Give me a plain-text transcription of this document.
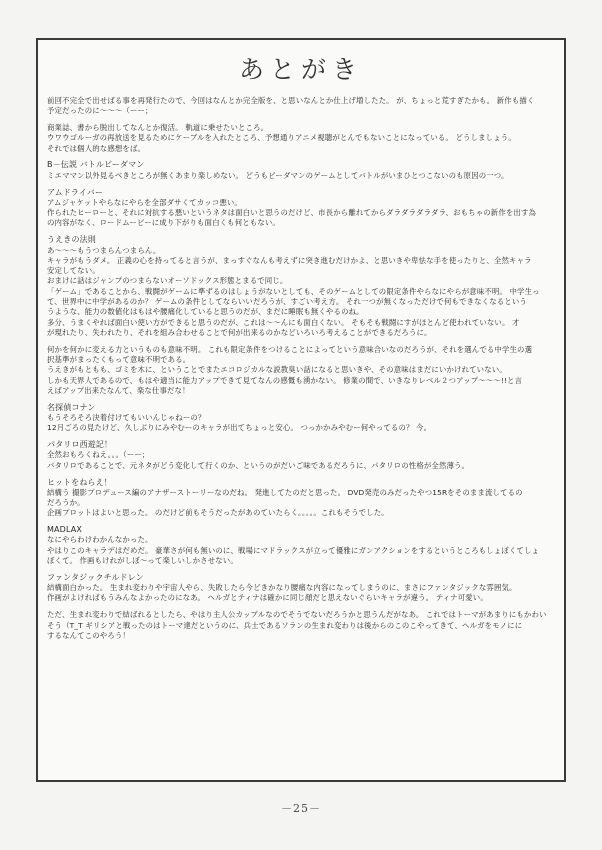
あとがき

前回不完全で出せばる事を再発行たので、今回はなんとか完全版を、と思いなんとか仕上げ増したた。 が、ちょっと荒すぎたかも。 新作も描く

予定だったのに〜〜〜（ーー；

商業誌、書から脱出してなんとか復活。 軌道に乗せたいところ。

ウワウゴルーガの再放送を見るためにケーブルを入れたところ、予想通りアニメ視聴がとんでもないことになっている。 どうしましょう。

それでは個人的な感想をば。

B－伝説 バトルビーダマン

ミエママン以外見るべきところが無くあまり楽しめない。 どうもビーダマンのゲームとしてバトルがいまひとつこないのも原因の一つ。

アムドライバー

アムジャケットやらなにやらを全部ダサくてカッコ悪い。

作られたヒーローと、それに対抗する悪いというネタは面白いと思うのだけど、市長から離れてからダラダラダラダラ、おもちゃの新作を出す為

の内容がなく、ロードムービーに成り下がりも面白くも何ともない。

うえきの法則

あ〜〜〜もうつまらんつまらん。

キャラがもうダメ。 正義の心を持ってると言うが、まっすぐなんも考えずに突き進むだけかよ、と思いきや卑怯な手を使ったりと、全然キャラ

安定してない。

おまけに話はジャンプのつまらないオーソドックス形態とまるで同じ。

「ゲーム」であることから、戦闘がゲームに準ずるのはしょうがないとしても、そのゲームとしての限定条件やらなにやらが意味不明。 中学生っ

て、世界中に中学があるのか？ ゲームの条件としてならいいだろうが、すごい考え方。 それ一つが無くなっただけで何もできなくなるという

うような、能力の数値化はもはや腰痛化していると思うのだが、まだに睡眠も無くやるのね。

多分、うまくやれば面白い使い方ができると思うのだが、これは〜〜んにも面白くない。 そもそも戦闘にすがほとんど使われていない。 才

が現れたり、失われたり、それを組み合わせることで何が出来るのかなどいろいろ考えることができるだろうに。

何かを何かに変える力というものも意味不明。 これも限定条件をつけることによってという意味合いなのだろうが、それを選んでる中学生の選

択基準がまったくもって意味不明である。

うえきがもともも、ゴミを木に、ということでまたエコロジカルな説教臭い話になると思いきや、その意味はまだにいかけれていない。

しかも天界人であるので、もはや適当に能力アップできて見てなんの感慨も湧かない。 修業の間で、いきなりレベル２つアップ〜〜〜!!と言

えばアップ出来たなんて、楽な仕事だな！

名探偵コナン

もうそろそろ決着付けてもいいんじゃねーの？

12月ごろの見たけど、久しぶりにみやむーのキャラが出てちょっと安心。 つっかかみやむー何やってるの？ 今。

パタリロ西遊記！

全然おもろくねえ。。。（ーー；

パタリロであることで、元ネタがどう変化して行くのか、というのがだいご味であるだろうに、パタリロの性格が全然薄う。

ヒットをねらえ！

結構う 撮影プロデュース編のアナザーストーリーなのだね。 発進してたのだと思った。 DVD発売のみだったやつ15Rをそのまま流してるの

だろうか。

企画プロットはよいと思った。 のだけど前もそうだったがあのていたらく。。。。。これもそうでした。

MADLAX

なにやらわけわかんなかった。

やはりこのキャラデはだめだ。 豪華さが何も無いのに、戦場にマドラックスが立って優雅にガンアクションをするというところもしょぼくてしょ

ぼくて。 作画もけれがしぼ〜って楽しいしかさせない。

ファンタジックチルドレン

結構面白かった。 生まれ変わりや宇宙人やら、失敗したら今どきかなり腰痛な内容になってしまうのに、まさにファンタジックな雰囲気。

作画がよければもうみんなよかったのになあ。 ヘルガとティナは確かに同じ顔だと思えないぐらいキャラが違う。 ティナ可愛い。

ただ、生まれ変わりで結ばれるとしたら、やはり主人公カップルなのでそうでないだろうかと思うんだがなあ。 これではトーマがあまりにもかわい

そう（T_T ギリシアと戦ったのはトーマ達だというのに、兵士であるソランの生まれ変わりは後からのこのこやってきて、ヘルガをモノにに

するなんてこのやろう！

－25－
